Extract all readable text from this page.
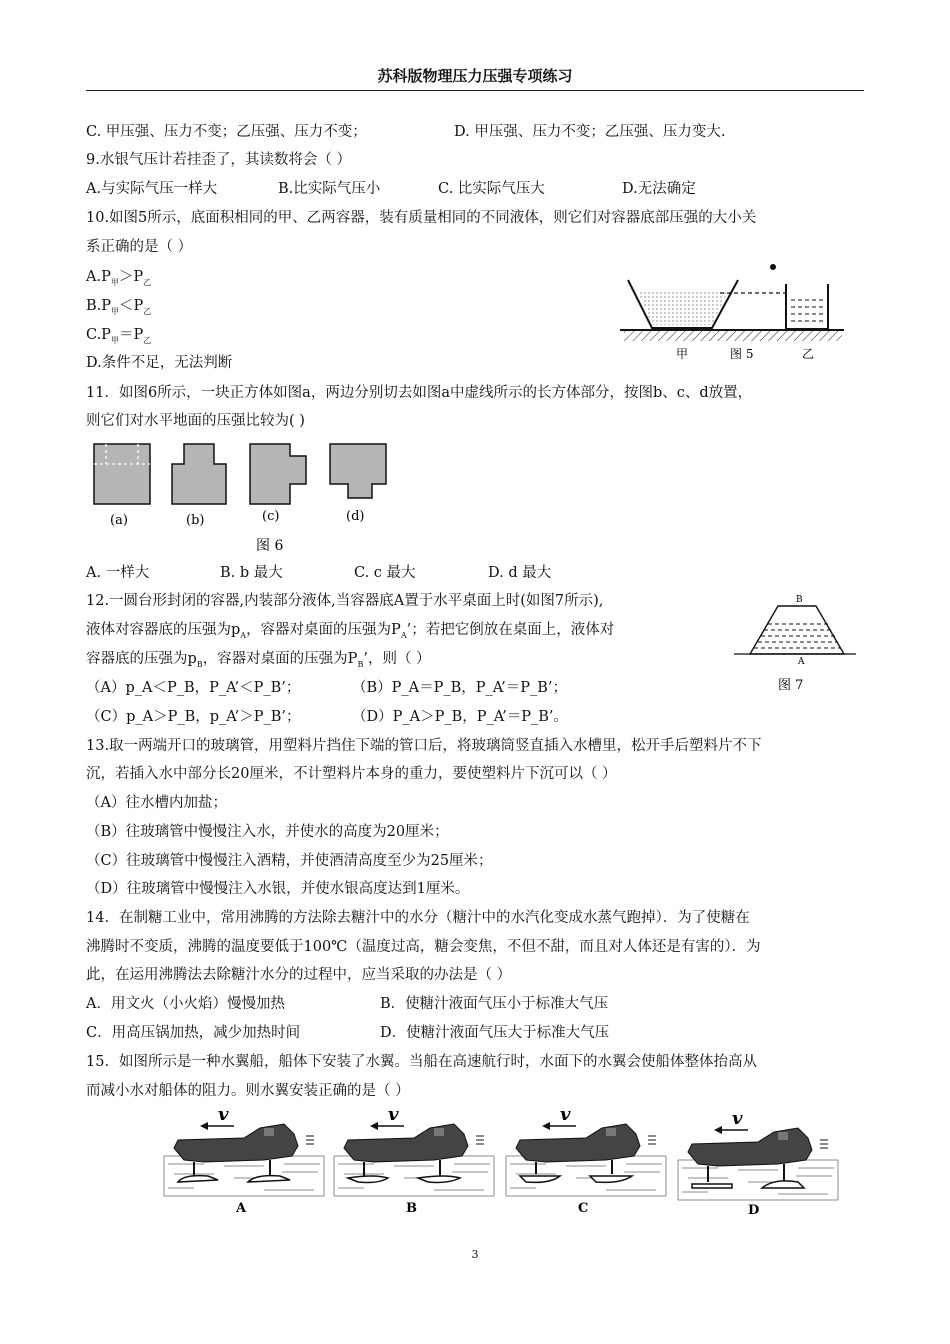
苏科版物理压力压强专项练习
C. 甲压强、压力不变；乙压强、压力不变；	D. 甲压强、压力不变；乙压强、压力变大.
9.水银气压计若挂歪了，其读数将会（ ）
A.与实际气压一样大	B.比实际气压小	C. 比实际气压大	D.无法确定
10.如图5所示，底面积相同的甲、乙两容器，装有质量相同的不同液体，则它们对容器底部压强的大小关
系正确的是（ ）
$A.P_甲>P_乙$
$B.P_甲<P_乙$
$C.P_甲=P_乙$
D.条件不足，无法判断
甲	图 5	乙
11．如图6所示，一块正方体如图a，两边分别切去如图a中虚线所示的长方体部分，按图b、c、d放置，
则它们对水平地面的压强比较为( )
(a)	(b)	(c)	(d)
图 6
A. 一样大	B. b 最大	C. c 最大	D. d 最大
12.一圆台形封闭的容器,内装部分液体,当容器底A置于水平桌面上时(如图7所示),
液体对容器底的压强为$p_A$，容器对桌面的压强为$P_A$’；若把它倒放在桌面上，液体对
容器底的压强为$p_B$，容器对桌面的压强为$P_B$’，则（ ）
（A）p_A＜P_B，P_A’＜P_B’；	（B）P_A＝P_B，P_A’＝P_B’；
（C）p_A＞P_B，p_A’＞P_B’；	（D）P_A＞P_B，P_A’＝P_B’。
B
A
图 7
13.取一两端开口的玻璃管，用塑料片挡住下端的管口后，将玻璃筒竖直插入水槽里，松开手后塑料片不下
沉，若插入水中部分长20厘米，不计塑料片本身的重力，要使塑料片下沉可以（ ）
（A）往水槽内加盐；
（B）往玻璃管中慢慢注入水，并使水的高度为20厘米；
（C）往玻璃管中慢慢注入酒精，并使酒清高度至少为25厘米；
（D）往玻璃管中慢慢注入水银，并使水银高度达到1厘米。
14．在制糖工业中，常用沸腾的方法除去糖汁中的水分（糖汁中的水汽化变成水蒸气跑掉）．为了使糖在
沸腾时不变质，沸腾的温度要低于100℃（温度过高，糖会变焦，不但不甜，而且对人体还是有害的）．为
此，在运用沸腾法去除糖汁水分的过程中，应当采取的办法是（ ）
A．用文火（小火焰）慢慢加热	B．使糖汁液面气压小于标准大气压
C．用高压锅加热，减少加热时间	D．使糖汁液面气压大于标准大气压
15．如图所示是一种水翼船，船体下安装了水翼。当船在高速航行时，水面下的水翼会使船体整体抬高从
而减小水对船体的阻力。则水翼安装正确的是（ ）
v
A
v
B
v
C
v
D
3
